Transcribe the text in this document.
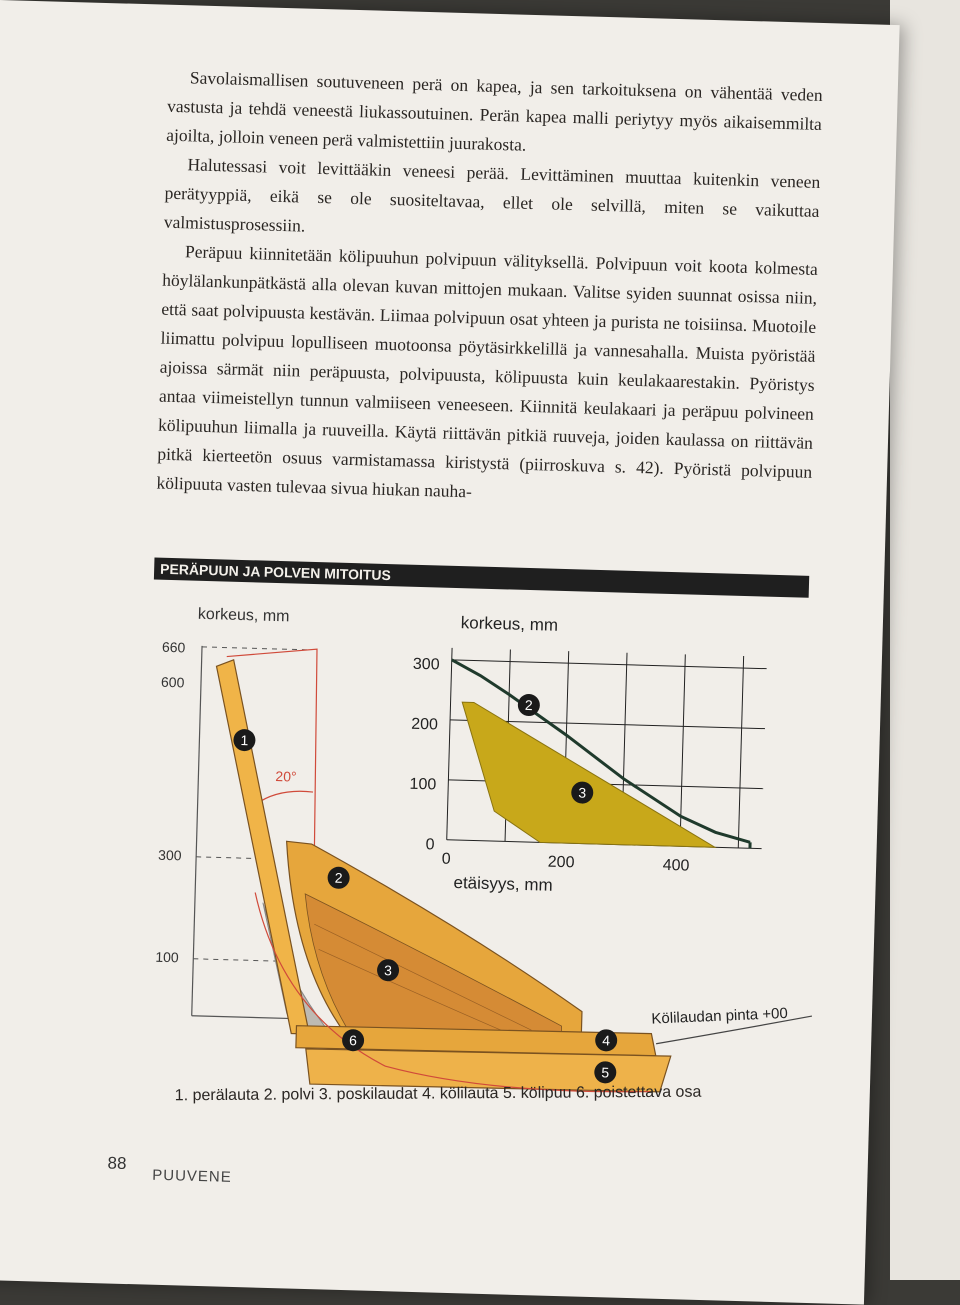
Savolaismallisen soutuveneen perä on kapea, ja sen tarkoituksena on vähentää veden vastusta ja tehdä veneestä liukassoutuinen. Perän kapea malli periytyy myös aikaisemmilta ajoilta, jolloin veneen perä valmistettiin juurakosta.

Halutessasi voit levittääkin veneesi perää. Levittäminen muuttaa kuitenkin veneen perätyyppiä, eikä se ole suositeltavaa, ellet ole selvillä, miten se vaikuttaa valmistusprosessiin.

Peräpuu kiinnitetään kölipuuhun polvipuun välityksellä. Polvipuun voit koota kolmesta höylälankunpätkästä alla olevan kuvan mittojen mukaan. Valitse syiden suunnat osissa niin, että saat polvipuusta kestävän. Liimaa polvipuun osat yhteen ja purista ne toisiinsa. Muotoile liimattu polvipuu lopulliseen muotoonsa pöytäsirkkelillä ja vannesahalla. Muista pyöristää ajoissa särmät niin peräpuusta, polvipuusta, kölipuusta kuin keulakaarestakin. Pyöristys antaa viimeistellyn tunnun valmiiseen veneeseen. Kiinnitä keulakaari ja peräpuu polvineen kölipuuhun liimalla ja ruuveilla. Käytä riittävän pitkiä ruuveja, joiden kaulassa on riittävän pitkä kierteetön osuus varmistamassa kiristystä (piirroskuva s. 42). Pyöristä polvipuun kölipuuta vasten tulevaa sivua hiukan nauha-

PERÄPUUN JA POLVEN MITOITUS
korkeus, mm
660
600
300
100
20°
Kölilaudan pinta +00
1
2
3
4
5
6
2
3
korkeus, mm
etäisyys, mm
300
200
100
0
0	200	400
1. perälauta 2. polvi 3. poskilaudat 4. kölilauta 5. kölipuu 6. poistettava osa
88
PUUVENE
